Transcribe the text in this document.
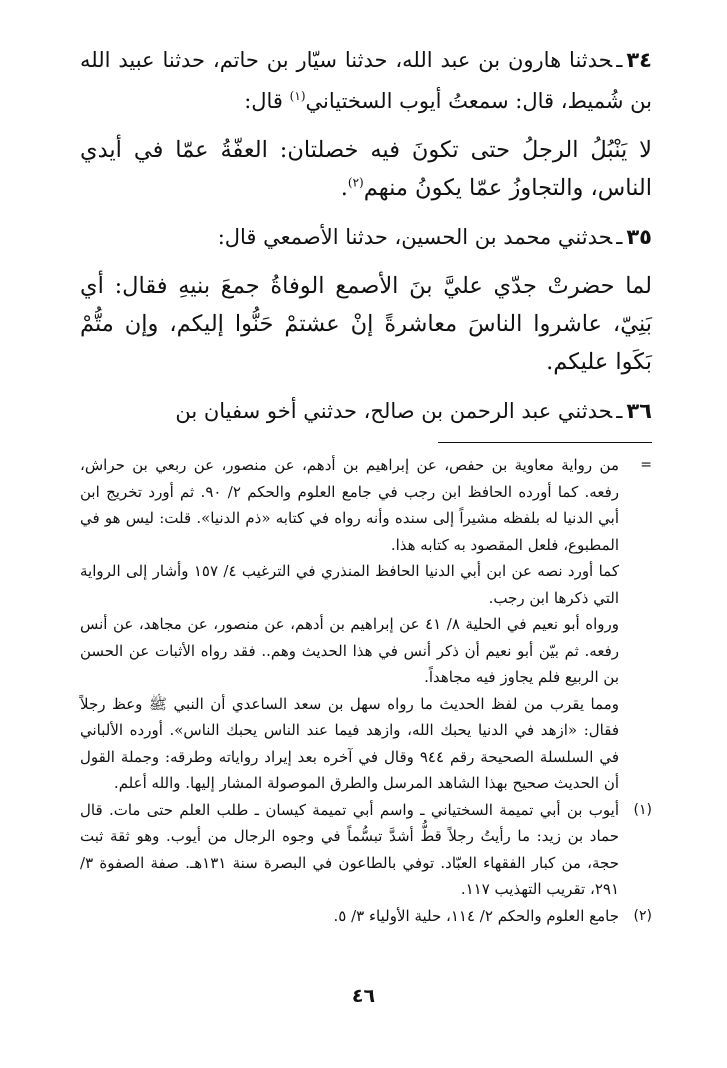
٣٤ـحدثنا هارون بن عبد الله، حدثنا سيّار بن حاتم، حدثنا عبيد الله بن شُميط، قال: سمعتُ أيوب السختياني$^{(١)}$ قال:

لا يَنْبُلُ الرجلُ حتى تكونَ فيه خصلتان: العفّةُ عمّا في أيدي الناس، والتجاوزُ عمّا يكونُ منهم$^{(٢)}$.

٣٥ـحدثني محمد بن الحسين، حدثنا الأصمعي قال:

لما حضرتْ جدّي عليَّ بنَ الأصمع الوفاةُ جمعَ بنيهِ فقال: أي بَنِيّ، عاشروا الناسَ معاشرةً إنْ عشتمْ حَنُّوا إليكم، وإن متُّمْ بَكَوا عليكم.

٣٦ـحدثني عبد الرحمن بن صالح، حدثني أخو سفيان بن

=
من رواية معاوية بن حفص، عن إبراهيم بن أدهم، عن منصور، عن ربعي بن حراش، رفعه. كما أورده الحافظ ابن رجب في جامع العلوم والحكم ٢/ ٩٠. ثم أورد تخريج ابن أبي الدنيا له بلفظه مشيراً إلى سنده وأنه رواه في كتابه «ذم الدنيا». قلت: ليس هو في المطبوع، فلعل المقصود به كتابه هذا.

كما أورد نصه عن ابن أبي الدنيا الحافظ المنذري في الترغيب ٤/ ١٥٧ وأشار إلى الرواية التي ذكرها ابن رجب.

ورواه أبو نعيم في الحلية ٨/ ٤١ عن إبراهيم بن أدهم، عن منصور، عن مجاهد، عن أنس رفعه. ثم بيّن أبو نعيم أن ذكر أنس في هذا الحديث وهم.. فقد رواه الأثبات عن الحسن بن الربيع فلم يجاوز فيه مجاهداً.

ومما يقرب من لفظ الحديث ما رواه سهل بن سعد الساعدي أن النبي ﷺ وعظ رجلاً فقال: «ازهد في الدنيا يحبك الله، وازهد فيما عند الناس يحبك الناس». أورده الألباني في السلسلة الصحيحة رقم ٩٤٤ وقال في آخره بعد إيراد رواياته وطرقه: وجملة القول أن الحديث صحيح بهذا الشاهد المرسل والطرق الموصولة المشار إليها. والله أعلم.

(١)
أيوب بن أبي تميمة السختياني ـ واسم أبي تميمة كيسان ـ طلب العلم حتى مات. قال حماد بن زيد: ما رأيتُ رجلاً قطُّ أشدَّ تبسُّماً في وجوه الرجال من أيوب. وهو ثقة ثبت حجة، من كبار الفقهاء العبّاد. توفي بالطاعون في البصرة سنة ١٣١هـ. صفة الصفوة ٣/ ٢٩١، تقريب التهذيب ١١٧.

(٢)
جامع العلوم والحكم ٢/ ١١٤، حلية الأولياء ٣/ ٥.

٤٦
